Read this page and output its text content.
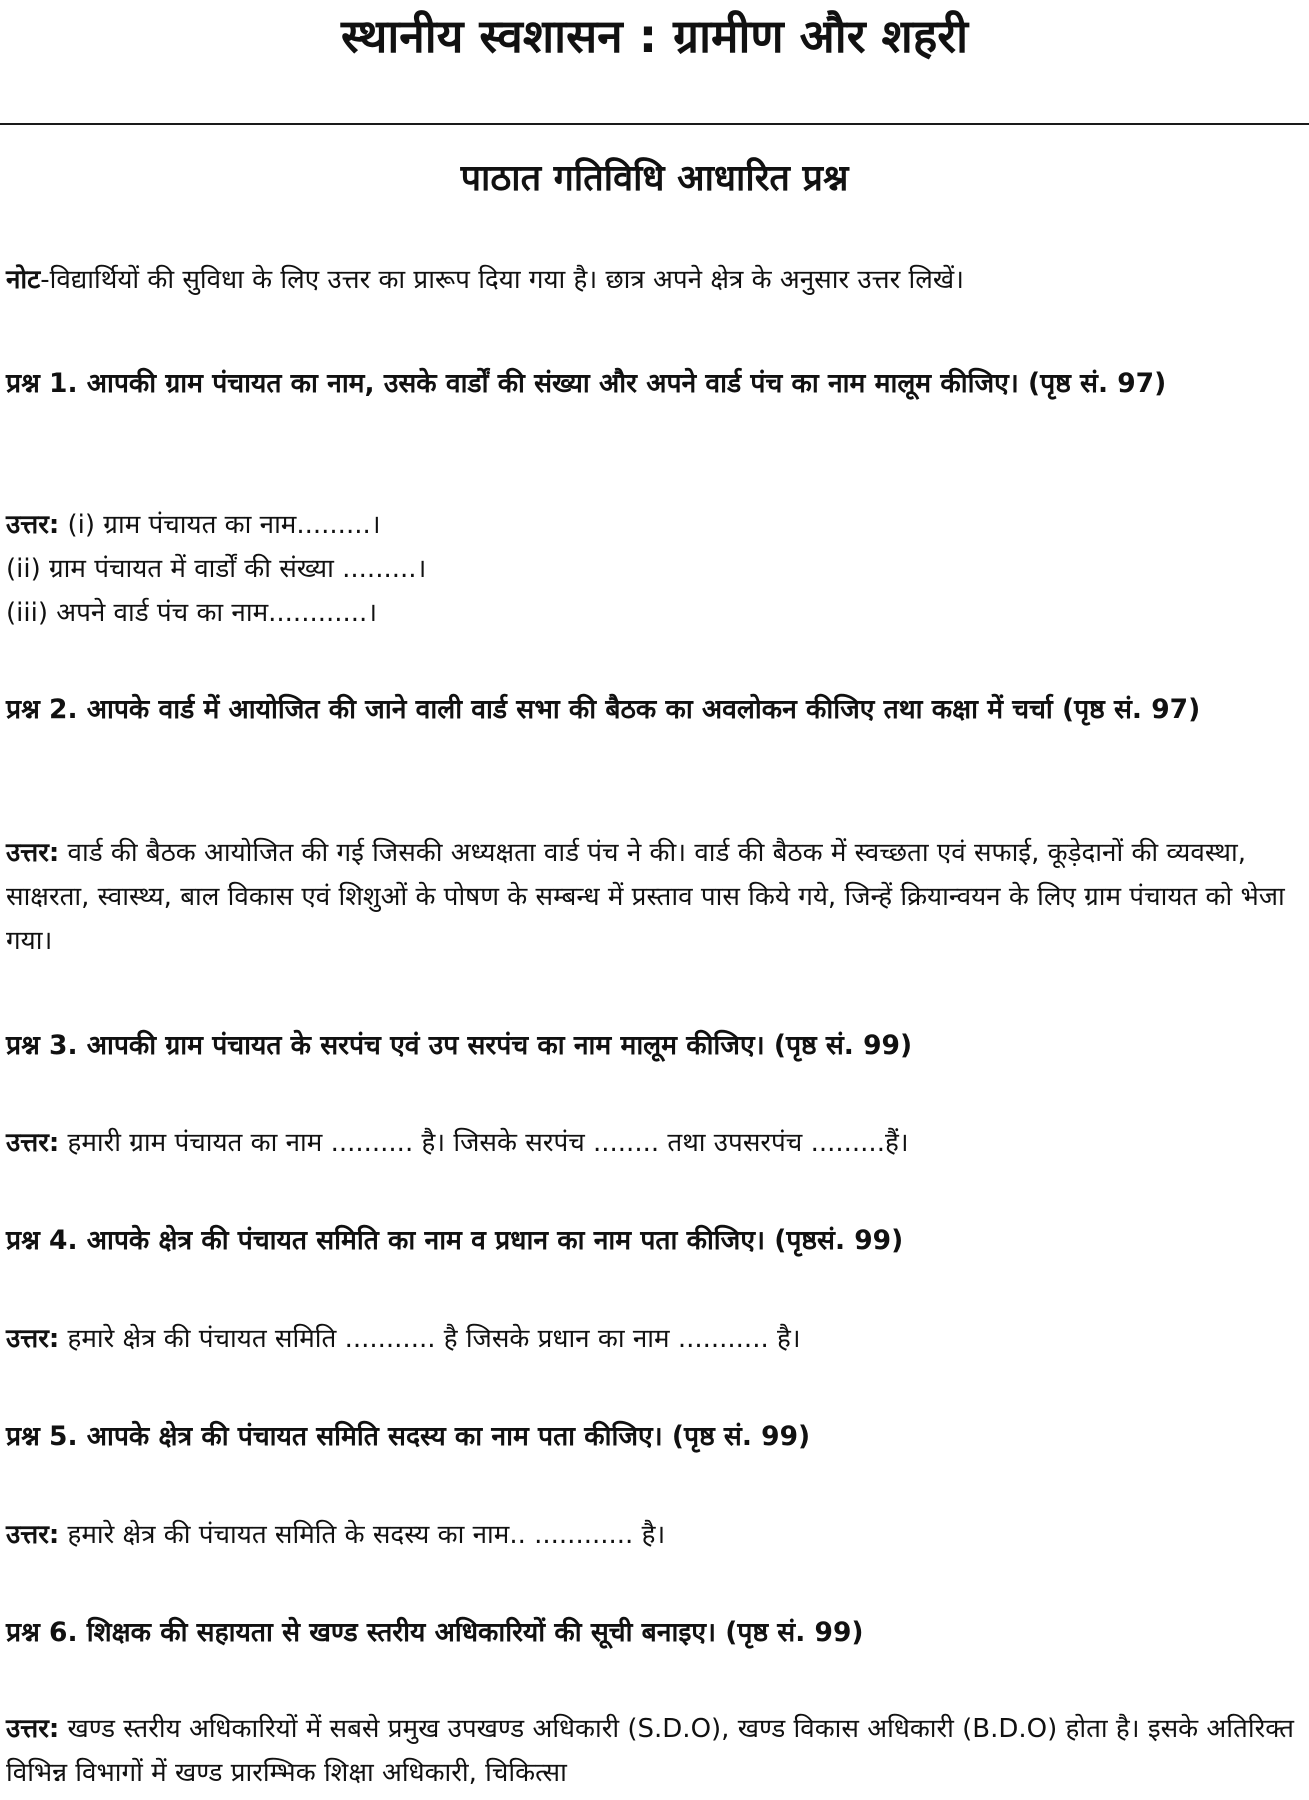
स्थानीय स्वशासन : ग्रामीण और शहरी
पाठात गतिविधि आधारित प्रश्न
नोट-विद्यार्थियों की सुविधा के लिए उत्तर का प्रारूप दिया गया है। छात्र अपने क्षेत्र के अनुसार उत्तर लिखें।
प्रश्न 1. आपकी ग्राम पंचायत का नाम, उसके वार्डों की संख्या और अपने वार्ड पंच का नाम मालूम कीजिए। (पृष्ठ सं. 97)
उत्तर: (i) ग्राम पंचायत का नाम.........।
(ii) ग्राम पंचायत में वार्डों की संख्या .........।
(iii) अपने वार्ड पंच का नाम............।
प्रश्न 2. आपके वार्ड में आयोजित की जाने वाली वार्ड सभा की बैठक का अवलोकन कीजिए तथा कक्षा में चर्चा (पृष्ठ सं. 97)
उत्तर: वार्ड की बैठक आयोजित की गई जिसकी अध्यक्षता वार्ड पंच ने की। वार्ड की बैठक में स्वच्छता एवं सफाई, कूड़ेदानों की व्यवस्था, साक्षरता, स्वास्थ्य, बाल विकास एवं शिशुओं के पोषण के सम्बन्ध में प्रस्ताव पास किये गये, जिन्हें क्रियान्वयन के लिए ग्राम पंचायत को भेजा गया।
प्रश्न 3. आपकी ग्राम पंचायत के सरपंच एवं उप सरपंच का नाम मालूम कीजिए। (पृष्ठ सं. 99)
उत्तर: हमारी ग्राम पंचायत का नाम .......... है। जिसके सरपंच ........ तथा उपसरपंच .........हैं।
प्रश्न 4. आपके क्षेत्र की पंचायत समिति का नाम व प्रधान का नाम पता कीजिए। (पृष्ठसं. 99)
उत्तर: हमारे क्षेत्र की पंचायत समिति ........... है जिसके प्रधान का नाम ........... है।
प्रश्न 5. आपके क्षेत्र की पंचायत समिति सदस्य का नाम पता कीजिए। (पृष्ठ सं. 99)
उत्तर: हमारे क्षेत्र की पंचायत समिति के सदस्य का नाम.. ............ है।
प्रश्न 6. शिक्षक की सहायता से खण्ड स्तरीय अधिकारियों की सूची बनाइए। (पृष्ठ सं. 99)
उत्तर: खण्ड स्तरीय अधिकारियों में सबसे प्रमुख उपखण्ड अधिकारी (S.D.O), खण्ड विकास अधिकारी (B.D.O) होता है। इसके अतिरिक्त विभिन्न विभागों में खण्ड प्रारम्भिक शिक्षा अधिकारी, चिकित्सा
